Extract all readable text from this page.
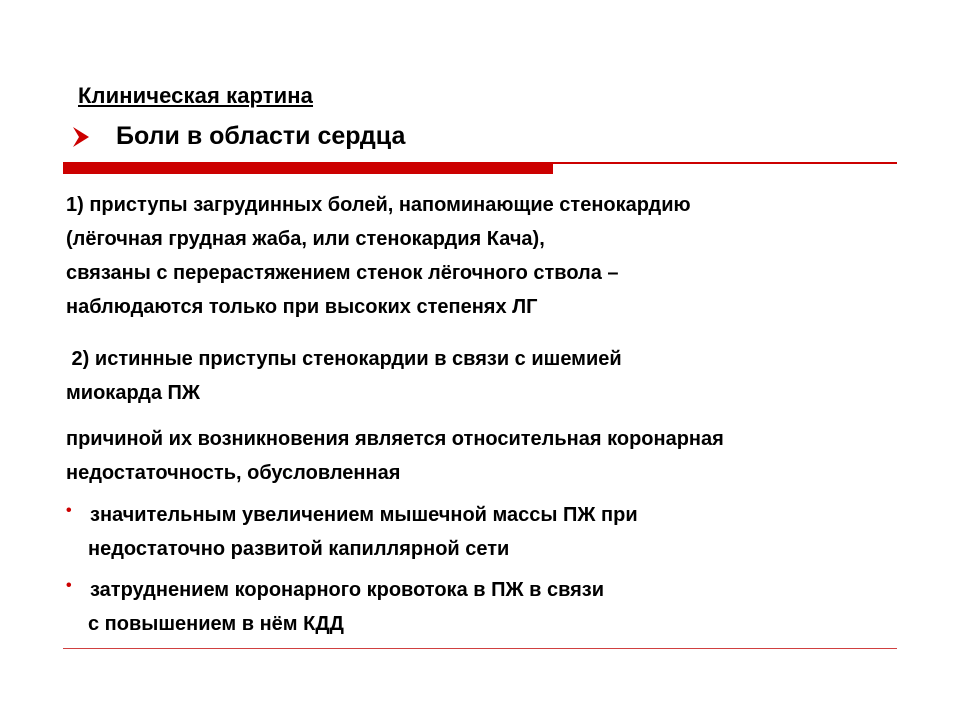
Клиническая картина
Боли в области сердца
1) приступы загрудинных болей, напоминающие стенокардию
(лёгочная грудная жаба, или стенокардия Кача),
связаны с перерастяжением стенок лёгочного ствола –
наблюдаются только при высоких степенях ЛГ
2) истинные приступы стенокардии в связи с ишемией
миокарда ПЖ
причиной их возникновения является относительная коронарная
недостаточность, обусловленная
• значительным увеличением мышечной массы ПЖ при
недостаточно развитой капиллярной сети
• затруднением коронарного кровотока в ПЖ в связи
с повышением в нём КДД
